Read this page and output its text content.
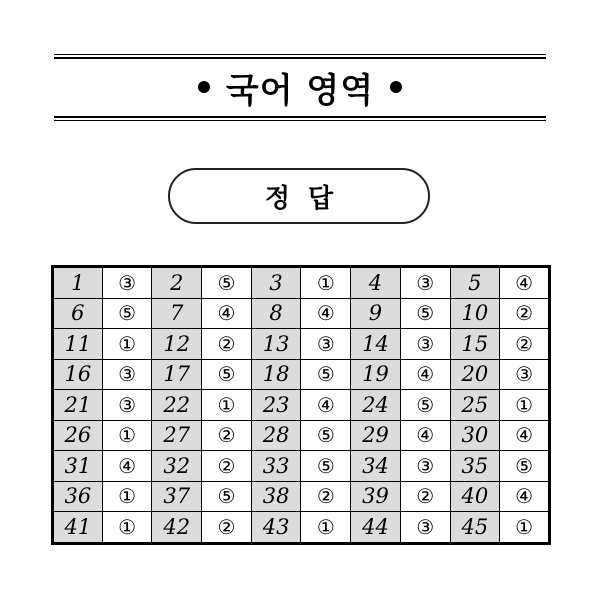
국어 영역
정답
1	③	2	⑤	3	①	4	③	5	④
6	⑤	7	④	8	④	9	⑤	10	②
11	①	12	②	13	③	14	③	15	②
16	③	17	⑤	18	⑤	19	④	20	③
21	③	22	①	23	④	24	⑤	25	①
26	①	27	②	28	⑤	29	④	30	④
31	④	32	②	33	⑤	34	③	35	⑤
36	①	37	⑤	38	②	39	②	40	④
41	①	42	②	43	①	44	③	45	①
